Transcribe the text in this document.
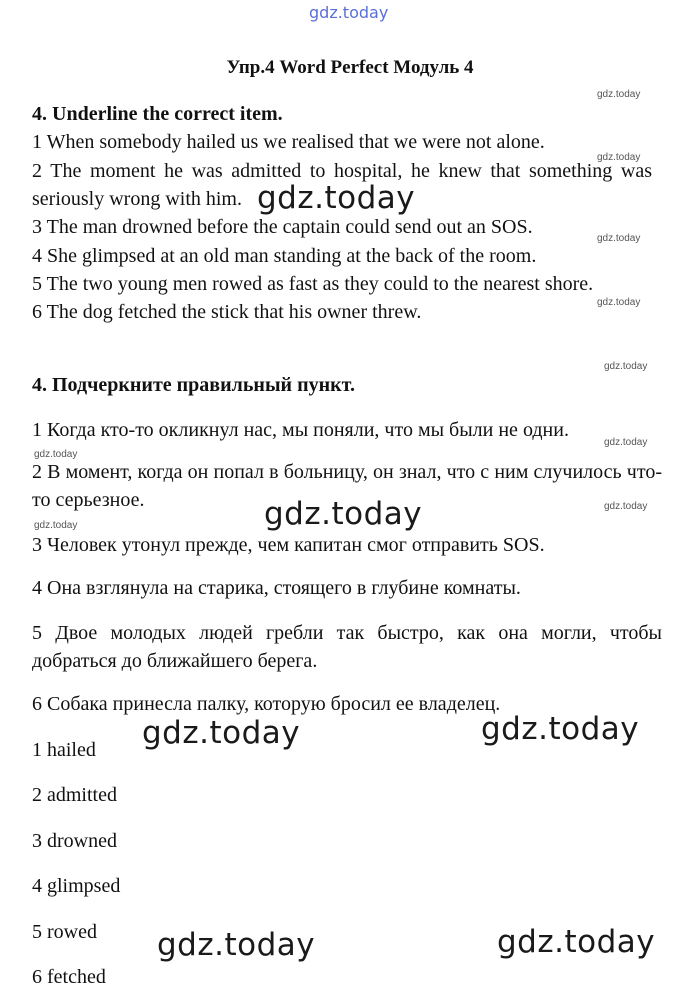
gdz.today
Упр.4 Word Perfect Модуль 4
4. Underline the correct item.
1 When somebody hailed us we realised that we were not alone.
2 The moment he was admitted to hospital, he knew that something was seriously wrong with him.
3 The man drowned before the captain could send out an SOS.
4 She glimpsed at an old man standing at the back of the room.
5 The two young men rowed as fast as they could to the nearest shore.
6 The dog fetched the stick that his owner threw.
4. Подчеркните правильный пункт.
1 Когда кто-то окликнул нас, мы поняли, что мы были не одни.
2 В момент, когда он попал в больницу, он знал, что с ним случилось что-то серьезное.
3 Человек утонул прежде, чем капитан смог отправить SOS.
4 Она взглянула на старика, стоящего в глубине комнаты.
5 Двое молодых людей гребли так быстро, как она могли, чтобы добраться до ближайшего берега.
6 Собака принесла палку, которую бросил ее владелец.
1 hailed
2 admitted
3 drowned
4 glimpsed
5 rowed
6 fetched
gdz.today
gdz.today
gdz.today
gdz.today
gdz.today
gdz.today
gdz.today
gdz.today
gdz.today
gdz.today
gdz.today
gdz.today	gdz.today
gdz.today	gdz.today
